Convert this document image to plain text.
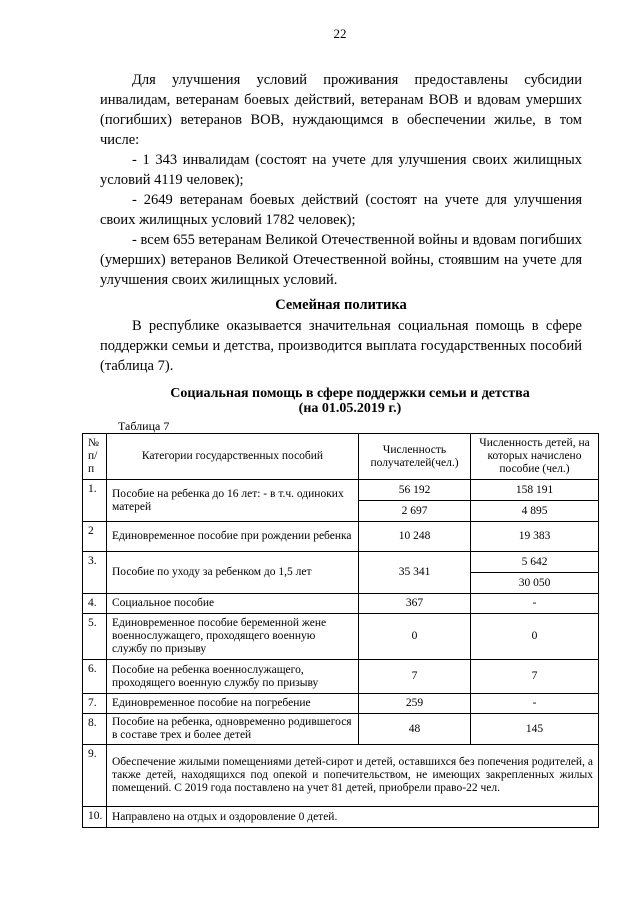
22

Для улучшения условий проживания предоставлены субсидии инвалидам, ветеранам боевых действий, ветеранам ВОВ и вдовам умерших (погибших) ветеранов ВОВ, нуждающимся в обеспечении жилье, в том числе:

- 1 343 инвалидам (состоят на учете для улучшения своих жилищных условий 4119 человек);

- 2649 ветеранам боевых действий (состоят на учете для улучшения своих жилищных условий 1782 человек);

- всем 655 ветеранам Великой Отечественной войны и вдовам погибших (умерших) ветеранов Великой Отечественной войны, стоявшим на учете для улучшения своих жилищных условий.

Семейная политика

В республике оказывается значительная социальная помощь в сфере поддержки семьи и детства, производится выплата государственных пособий (таблица 7).

Социальная помощь в сфере поддержки семьи и детства
(на 01.05.2019 г.)
Таблица 7
№ п/п	Категории государственных пособий	Численность получателей(чел.)	Численность детей, на которых начислено пособие (чел.)
1.	Пособие на ребенка до 16 лет: - в т.ч. одиноких матерей	56 192	158 191
		2 697	4 895
2	Единовременное пособие при рождении ребенка	10 248	19 383
3.	Пособие по уходу за ребенком до 1,5 лет	35 341	5 642
			30 050
4.	Социальное пособие	367	-
5.	Единовременное пособие беременной жене военнослужащего, проходящего военную службу по призыву	0	0
6.	Пособие на ребенка военнослужащего, проходящего военную службу по призыву	7	7
7.	Единовременное пособие на погребение	259	-
8.	Пособие на ребенка, одновременно родившегося в составе трех и более детей	48	145
9.	Обеспечение жилыми помещениями детей-сирот и детей, оставшихся без попечения родителей, а также детей, находящихся под опекой и попечительством, не имеющих закрепленных жилых помещений. С 2019 года поставлено на учет 81 детей, приобрели право-22 чел.		
10.	Направлено на отдых и оздоровление 0 детей.		
